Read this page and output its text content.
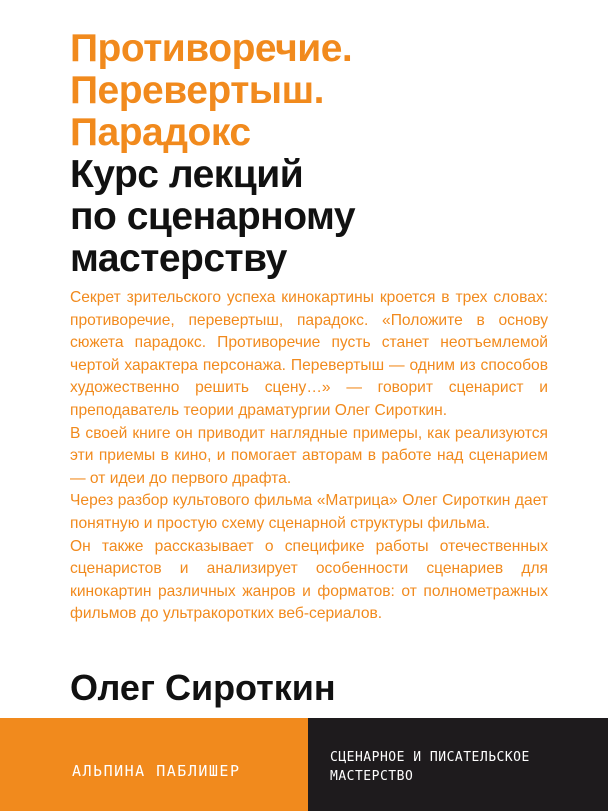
Противоречие.
Перевертыш.
Парадокс
Курс лекций
по сценарному
мастерству

Секрет зрительского успеха кинокартины кроется в трех словах: противоречие, перевертыш, парадокс. «Положите в основу сюжета парадокс. Противоречие пусть станет неотъемлемой чертой характера персонажа. Перевертыш — одним из способов художественно решить сцену…» — говорит сценарист и преподаватель теории драматургии Олег Сироткин.

В своей книге он приводит наглядные примеры, как реализуются эти приемы в кино, и помогает авторам в работе над сценарием — от идеи до первого драфта.

Через разбор культового фильма «Матрица» Олег Сироткин дает понятную и простую схему сценарной структуры фильма.

Он также рассказывает о специфике работы отечественных сценаристов и анализирует особенности сценариев для кинокартин различных жанров и форматов: от полнометражных фильмов до ультракоротких веб-сериалов.

Олег Сироткин
АЛЬПИНА ПАБЛИШЕР
СЦЕНАРНОЕ И ПИСАТЕЛЬСКОЕ
МАСТЕРСТВО
